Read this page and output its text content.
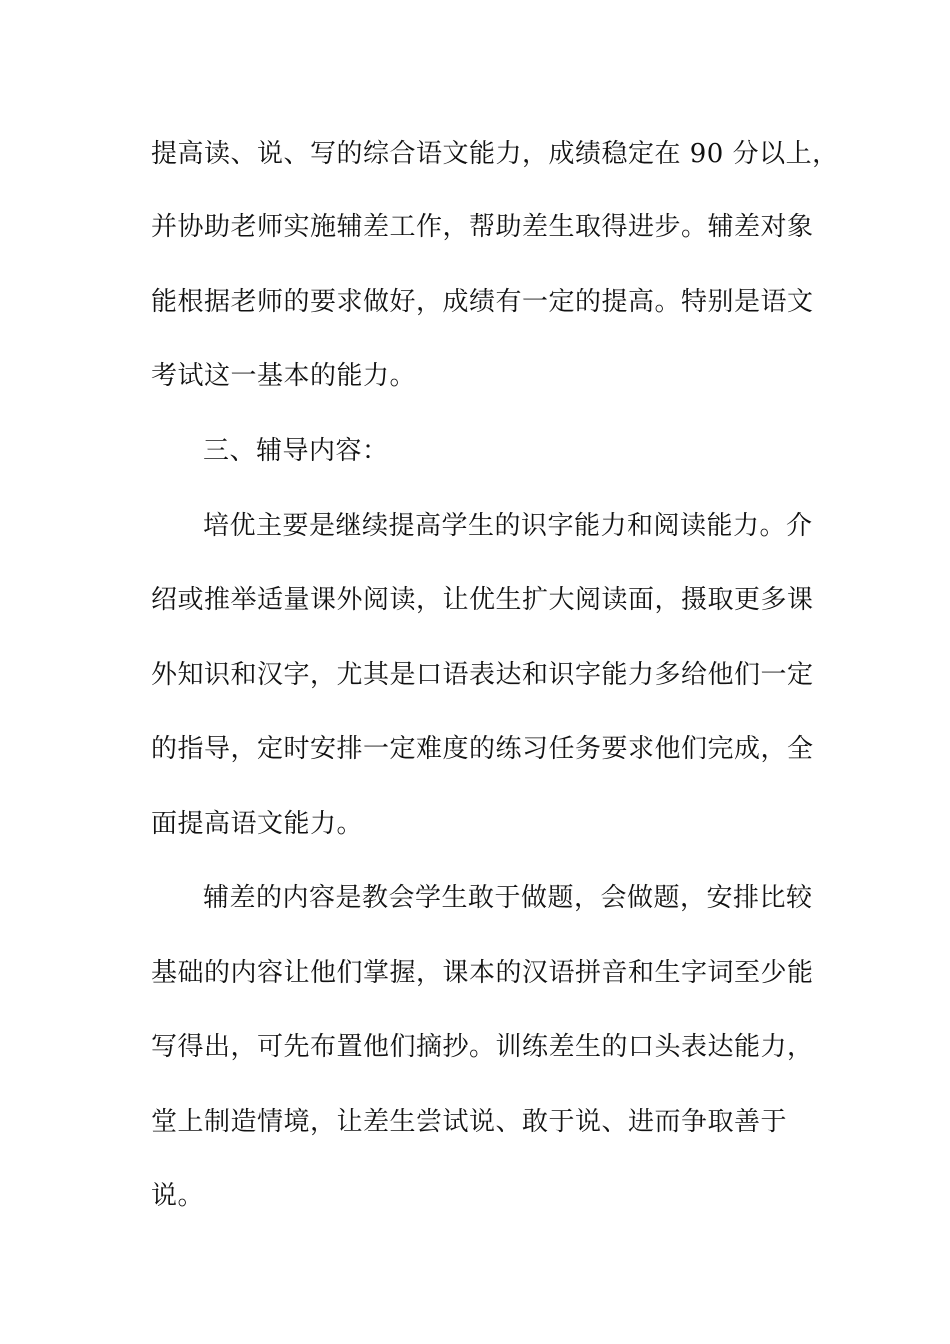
提高读、说、写的综合语文能力，成绩稳定在 90 分以上，
并协助老师实施辅差工作，帮助差生取得进步。辅差对象
能根据老师的要求做好，成绩有一定的提高。特别是语文
考试这一基本的能力。
三、辅导内容：
培优主要是继续提高学生的识字能力和阅读能力。介
绍或推举适量课外阅读，让优生扩大阅读面，摄取更多课
外知识和汉字，尤其是口语表达和识字能力多给他们一定
的指导，定时安排一定难度的练习任务要求他们完成，全
面提高语文能力。
辅差的内容是教会学生敢于做题，会做题，安排比较
基础的内容让他们掌握，课本的汉语拼音和生字词至少能
写得出，可先布置他们摘抄。训练差生的口头表达能力，
堂上制造情境，让差生尝试说、敢于说、进而争取善于
说。
